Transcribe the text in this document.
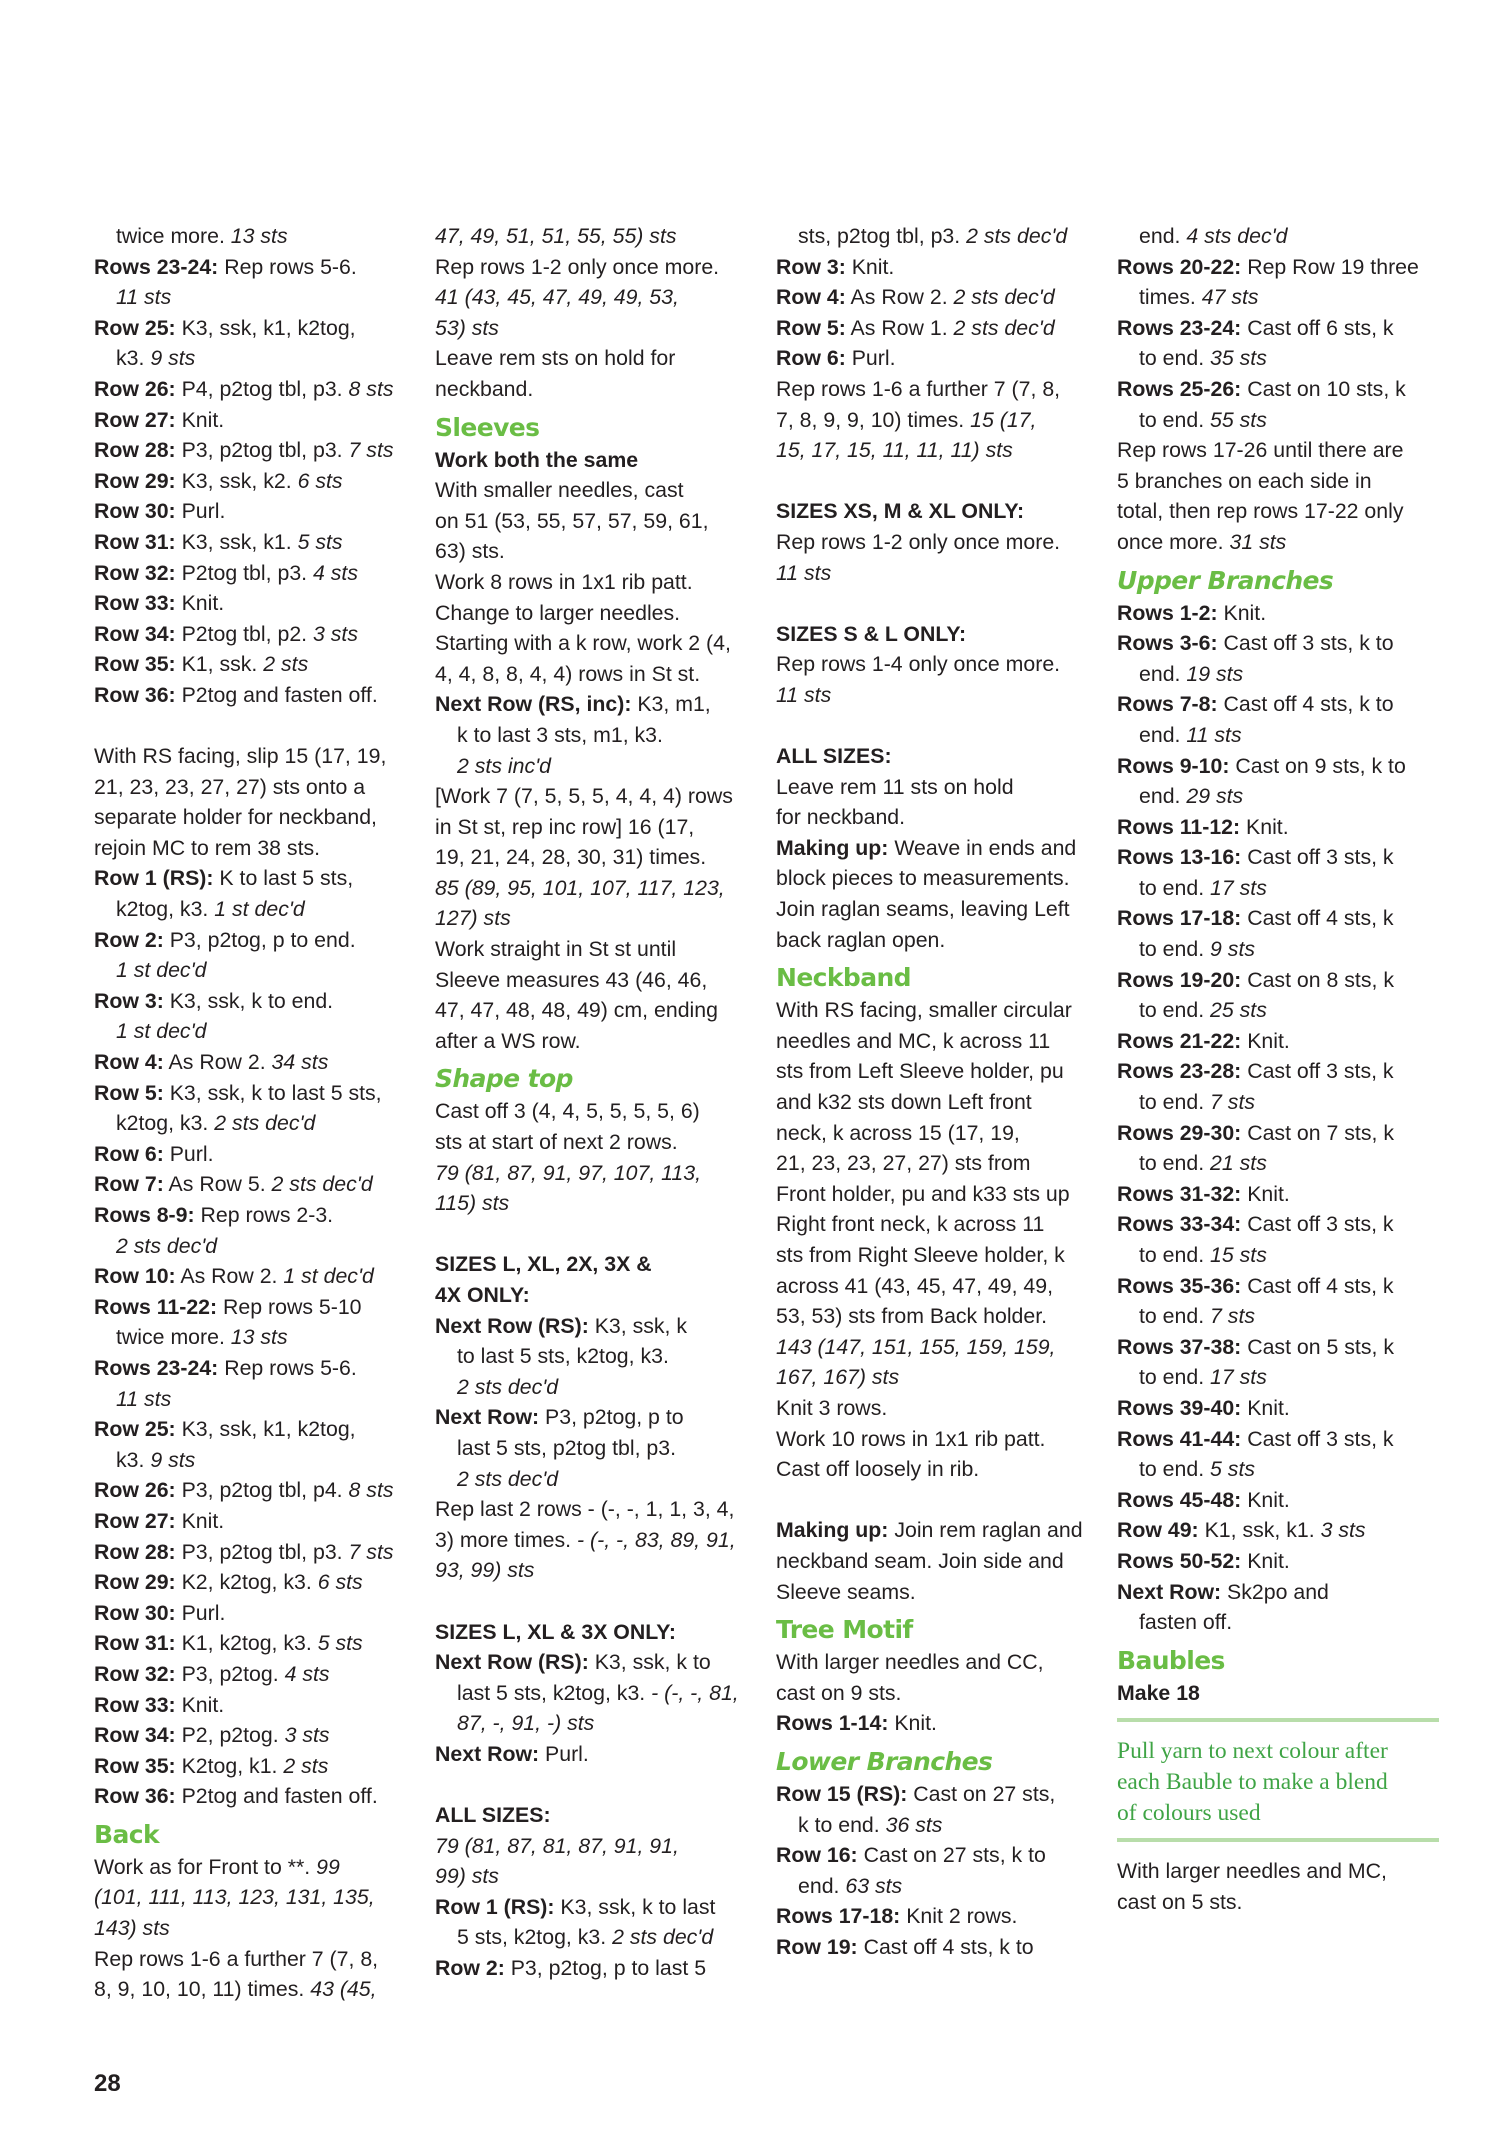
twice more. 13 sts
Rows 23-24: Rep rows 5-6.
11 sts
Row 25: K3, ssk, k1, k2tog,
k3. 9 sts
Row 26: P4, p2tog tbl, p3. 8 sts
Row 27: Knit.
Row 28: P3, p2tog tbl, p3. 7 sts
Row 29: K3, ssk, k2. 6 sts
Row 30: Purl.
Row 31: K3, ssk, k1. 5 sts
Row 32: P2tog tbl, p3. 4 sts
Row 33: Knit.
Row 34: P2tog tbl, p2. 3 sts
Row 35: K1, ssk. 2 sts
Row 36: P2tog and fasten off.
With RS facing, slip 15 (17, 19,
21, 23, 23, 27, 27) sts onto a
separate holder for neckband,
rejoin MC to rem 38 sts.
Row 1 (RS): K to last 5 sts,
k2tog, k3. 1 st dec'd
Row 2: P3, p2tog, p to end.
1 st dec'd
Row 3: K3, ssk, k to end.
1 st dec'd
Row 4: As Row 2. 34 sts
Row 5: K3, ssk, k to last 5 sts,
k2tog, k3. 2 sts dec'd
Row 6: Purl.
Row 7: As Row 5. 2 sts dec'd
Rows 8-9: Rep rows 2-3.
2 sts dec'd
Row 10: As Row 2. 1 st dec'd
Rows 11-22: Rep rows 5-10
twice more. 13 sts
Rows 23-24: Rep rows 5-6.
11 sts
Row 25: K3, ssk, k1, k2tog,
k3. 9 sts
Row 26: P3, p2tog tbl, p4. 8 sts
Row 27: Knit.
Row 28: P3, p2tog tbl, p3. 7 sts
Row 29: K2, k2tog, k3. 6 sts
Row 30: Purl.
Row 31: K1, k2tog, k3. 5 sts
Row 32: P3, p2tog. 4 sts
Row 33: Knit.
Row 34: P2, p2tog. 3 sts
Row 35: K2tog, k1. 2 sts
Row 36: P2tog and fasten off.
Back
Work as for Front to **. 99
(101, 111, 113, 123, 131, 135,
143) sts
Rep rows 1-6 a further 7 (7, 8,
8, 9, 10, 10, 11) times. 43 (45,
47, 49, 51, 51, 55, 55) sts
Rep rows 1-2 only once more.
41 (43, 45, 47, 49, 49, 53,
53) sts
Leave rem sts on hold for
neckband.
Sleeves
Work both the same
With smaller needles, cast
on 51 (53, 55, 57, 57, 59, 61,
63) sts.
Work 8 rows in 1x1 rib patt.
Change to larger needles.
Starting with a k row, work 2 (4,
4, 4, 8, 8, 4, 4) rows in St st.
Next Row (RS, inc): K3, m1,
k to last 3 sts, m1, k3.
2 sts inc'd
[Work 7 (7, 5, 5, 5, 4, 4, 4) rows
in St st, rep inc row] 16 (17,
19, 21, 24, 28, 30, 31) times.
85 (89, 95, 101, 107, 117, 123,
127) sts
Work straight in St st until
Sleeve measures 43 (46, 46,
47, 47, 48, 48, 49) cm, ending
after a WS row.
Shape top
Cast off 3 (4, 4, 5, 5, 5, 5, 6)
sts at start of next 2 rows.
79 (81, 87, 91, 97, 107, 113,
115) sts
SIZES L, XL, 2X, 3X &
4X ONLY:
Next Row (RS): K3, ssk, k
to last 5 sts, k2tog, k3.
2 sts dec'd
Next Row: P3, p2tog, p to
last 5 sts, p2tog tbl, p3.
2 sts dec'd
Rep last 2 rows - (-, -, 1, 1, 3, 4,
3) more times. - (-, -, 83, 89, 91,
93, 99) sts
SIZES L, XL & 3X ONLY:
Next Row (RS): K3, ssk, k to
last 5 sts, k2tog, k3. - (-, -, 81,
87, -, 91, -) sts
Next Row: Purl.
ALL SIZES:
79 (81, 87, 81, 87, 91, 91,
99) sts
Row 1 (RS): K3, ssk, k to last
5 sts, k2tog, k3. 2 sts dec'd
Row 2: P3, p2tog, p to last 5
sts, p2tog tbl, p3. 2 sts dec'd
Row 3: Knit.
Row 4: As Row 2. 2 sts dec'd
Row 5: As Row 1. 2 sts dec'd
Row 6: Purl.
Rep rows 1-6 a further 7 (7, 8,
7, 8, 9, 9, 10) times. 15 (17,
15, 17, 15, 11, 11, 11) sts
SIZES XS, M & XL ONLY:
Rep rows 1-2 only once more.
11 sts
SIZES S & L ONLY:
Rep rows 1-4 only once more.
11 sts
ALL SIZES:
Leave rem 11 sts on hold
for neckband.
Making up: Weave in ends and
block pieces to measurements.
Join raglan seams, leaving Left
back raglan open.
Neckband
With RS facing, smaller circular
needles and MC, k across 11
sts from Left Sleeve holder, pu
and k32 sts down Left front
neck, k across 15 (17, 19,
21, 23, 23, 27, 27) sts from
Front holder, pu and k33 sts up
Right front neck, k across 11
sts from Right Sleeve holder, k
across 41 (43, 45, 47, 49, 49,
53, 53) sts from Back holder.
143 (147, 151, 155, 159, 159,
167, 167) sts
Knit 3 rows.
Work 10 rows in 1x1 rib patt.
Cast off loosely in rib.
Making up: Join rem raglan and
neckband seam. Join side and
Sleeve seams.
Tree Motif
With larger needles and CC,
cast on 9 sts.
Rows 1-14: Knit.
Lower Branches
Row 15 (RS): Cast on 27 sts,
k to end. 36 sts
Row 16: Cast on 27 sts, k to
end. 63 sts
Rows 17-18: Knit 2 rows.
Row 19: Cast off 4 sts, k to
end. 4 sts dec'd
Rows 20-22: Rep Row 19 three
times. 47 sts
Rows 23-24: Cast off 6 sts, k
to end. 35 sts
Rows 25-26: Cast on 10 sts, k
to end. 55 sts
Rep rows 17-26 until there are
5 branches on each side in
total, then rep rows 17-22 only
once more. 31 sts
Upper Branches
Rows 1-2: Knit.
Rows 3-6: Cast off 3 sts, k to
end. 19 sts
Rows 7-8: Cast off 4 sts, k to
end. 11 sts
Rows 9-10: Cast on 9 sts, k to
end. 29 sts
Rows 11-12: Knit.
Rows 13-16: Cast off 3 sts, k
to end. 17 sts
Rows 17-18: Cast off 4 sts, k
to end. 9 sts
Rows 19-20: Cast on 8 sts, k
to end. 25 sts
Rows 21-22: Knit.
Rows 23-28: Cast off 3 sts, k
to end. 7 sts
Rows 29-30: Cast on 7 sts, k
to end. 21 sts
Rows 31-32: Knit.
Rows 33-34: Cast off 3 sts, k
to end. 15 sts
Rows 35-36: Cast off 4 sts, k
to end. 7 sts
Rows 37-38: Cast on 5 sts, k
to end. 17 sts
Rows 39-40: Knit.
Rows 41-44: Cast off 3 sts, k
to end. 5 sts
Rows 45-48: Knit.
Row 49: K1, ssk, k1. 3 sts
Rows 50-52: Knit.
Next Row: Sk2po and
fasten off.
Baubles
Make 18
Pull yarn to next colour after
each Bauble to make a blend
of colours used
With larger needles and MC,
cast on 5 sts.
28
